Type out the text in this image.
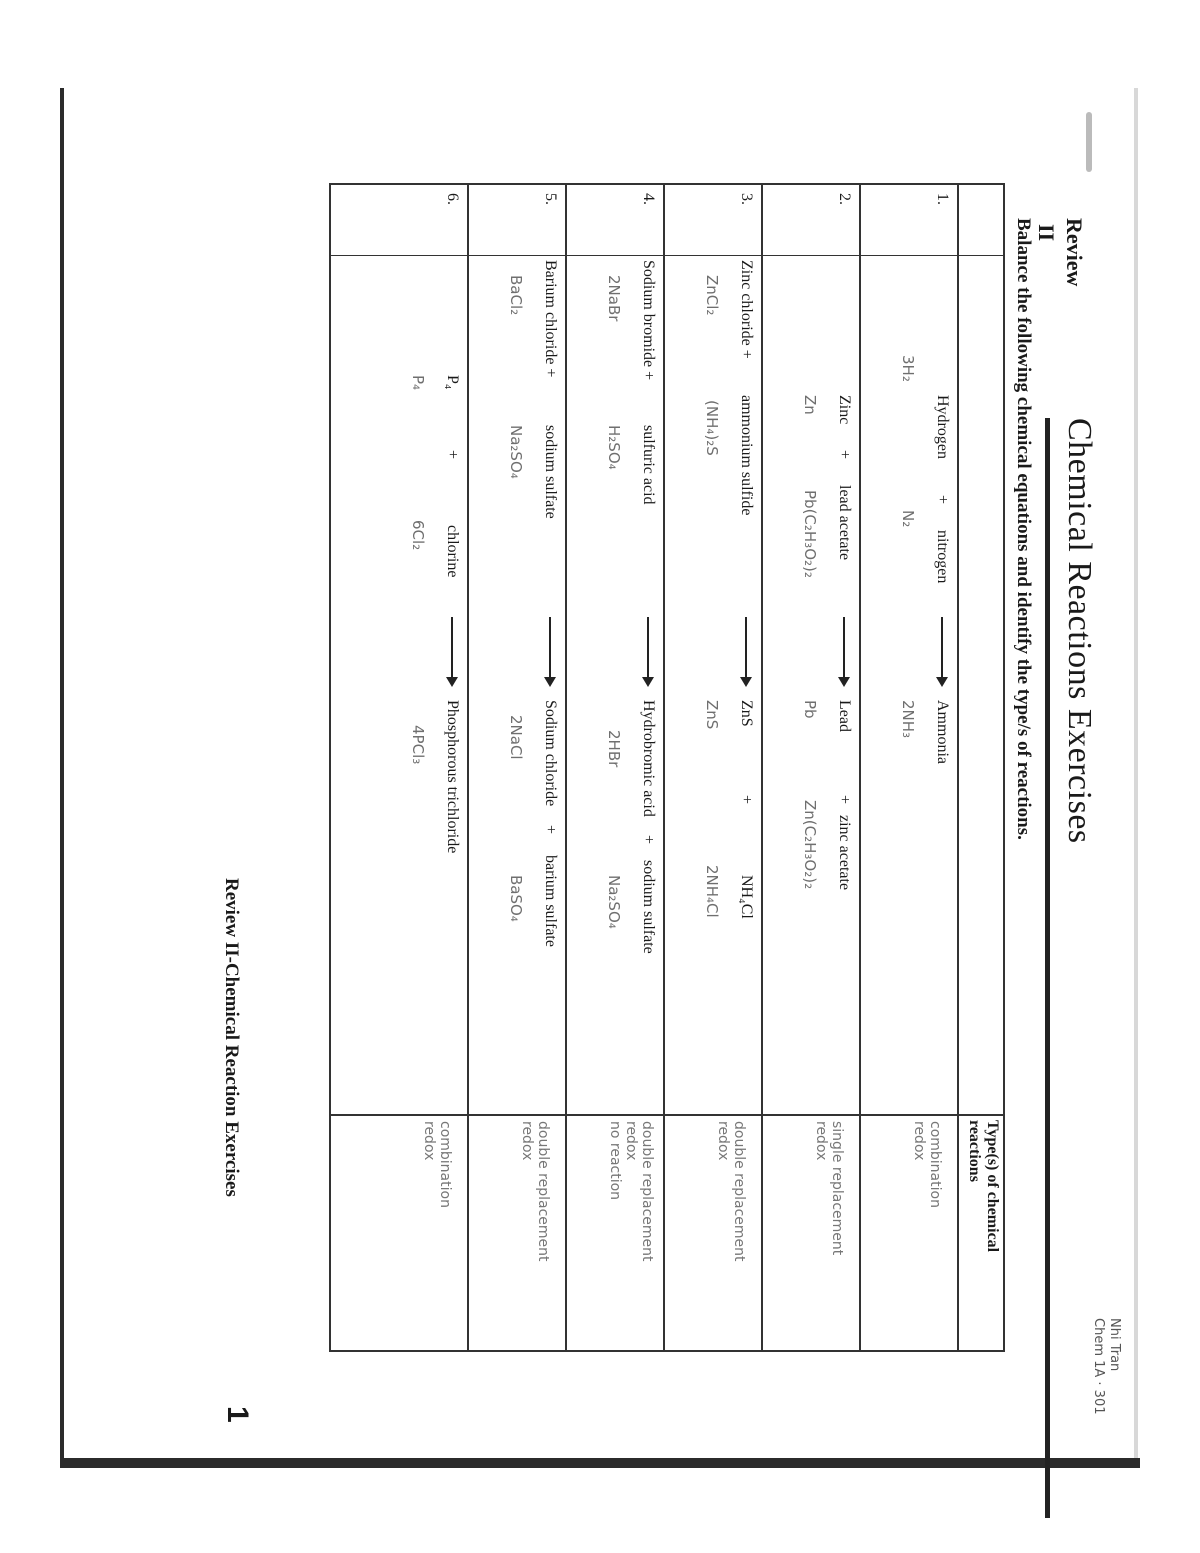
Nhi Tran
Chem 1A · 301
Review
II
Chemical Reactions Exercises
Balance the following chemical equations and identify the type/s of reactions.
Type(s) of chemical
reactions
1.
Hydrogen
+
nitrogen
Ammonia
3H₂
N₂
2NH₃
combination
redox
2.
Zinc
+
lead acetate
Lead
+
zinc acetate
Zn
Pb(C₂H₃O₂)₂
Pb
Zn(C₂H₃O₂)₂
single replacement
redox
3.
Zinc chloride +
ammonium sulfide
ZnS
+
NH₄Cl
ZnCl₂
(NH₄)₂S
ZnS
2NH₄Cl
double replacement
redox
4.
Sodium bromide +
sulfuric acid
Hydrobromic acid
+
sodium sulfate
2NaBr
H₂SO₄
2HBr
Na₂SO₄
double replacement
redox
no reaction
5.
Barium chloride +
sodium sulfate
Sodium chloride
+
barium sulfate
BaCl₂
Na₂SO₄
2NaCl
BaSO₄
double replacement
redox
6.
P₄
+
chlorine
Phosphorous trichloride
P₄
6Cl₂
4PCl₃
combination
redox
Review II-Chemical Reaction Exercises
1
